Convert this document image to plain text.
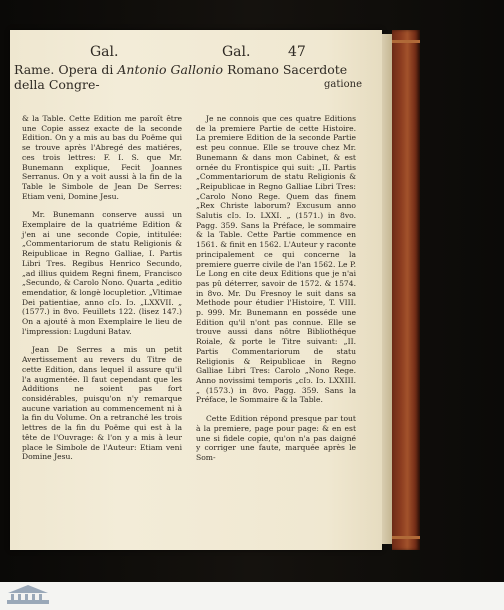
Gal.	Gal.	47
Rame. Opera di Antonio Gallonio Romano Sacerdote della Congre-	gatione

& la Table. Cette Edition me paroît être une Copie assez exacte de la seconde Edition. On y a mis au bas du Poëme qui se trouve après l'Abregé des matiéres, ces trois lettres: F. I. S. que Mr. Bunemann explique, Fecit Joannes Serranus. On y a voit aussi à la fin de la Table le Simbole de Jean De Serres: Etiam veni, Domine Jesu.

Mr. Bunemann conserve aussi un Exemplaire de la quatriéme Edition & j'en ai une seconde Copie, intitulée: „Commentariorum de statu Religionis & Reipublicae in Regno Galliae, I. Partis Libri Tres. Regibus Henrico Secundo, „ad illius quidem Regni finem, Francisco „Secundo, & Carolo Nono. Quarta „editio emendatior, & longè locupletior. „Vltimae Dei patientiae, anno cIↄ. Iↄ. „LXXVII. „ (1577.) in 8vo. Feuillets 122. (lisez 147.) On a ajouté à mon Exemplaire le lieu de l'impression: Lugduni Batav.

Jean De Serres a mis un petit Avertissement au revers du Titre de cette Edition, dans lequel il assure qu'il l'a augmentée. Il faut cependant que les Additions ne soient pas fort considérables, puisqu'on n'y remarque aucune variation au commencement ni à la fin du Volume. On a retranché les trois lettres de la fin du Poëme qui est à la tête de l'Ouvrage: & l'on y a mis à leur place le Simbole de l'Auteur: Etiam veni Domine Jesu.

Je ne connois que ces quatre Editions de la premiere Partie de cette Histoire. La premiere Edition de la seconde Partie est peu connue. Elle se trouve chez Mr. Bunemann & dans mon Cabinet, & est ornée du Frontispice qui suit: „II. Partis „Commentariorum de statu Religionis & „Reipublicae in Regno Galliae Libri Tres: „Carolo Nono Rege. Quem das finem „Rex Christe laborum? Excusum anno Salutis cIↄ. Iↄ. LXXI. „ (1571.) in 8vo. Pagg. 359. Sans la Préface, le sommaire & la Table. Cette Partie commence en 1561. & finit en 1562. L'Auteur y raconte principalement ce qui concerne la premiere guerre civile de l'an 1562. Le P. Le Long en cite deux Editions que je n'ai pas pû déterrer, savoir de 1572. & 1574. in 8vo. Mr. Du Fresnoy le suit dans sa Methode pour étudier l'Histoire, T. VIII. p. 999. Mr. Bunemann en posséde une Edition qu'il n'ont pas connue. Elle se trouve aussi dans nôtre Bibliothéque Roiale, & porte le Titre suivant: „II. Partis Commentariorum de statu Religionis & Reipublicae in Regno Galliae Libri Tres: Carolo „Nono Rege. Anno novissimi temporis „cIↄ. Iↄ. LXXIII. „ (1573.) in 8vo. Pagg. 359. Sans la Préface, le Sommaire & la Table.

Cette Edition répond presque par tout à la premiere, page pour page: & en est une si fidele copie, qu'on n'a pas daigné y corriger une faute, marquée après le Som-
